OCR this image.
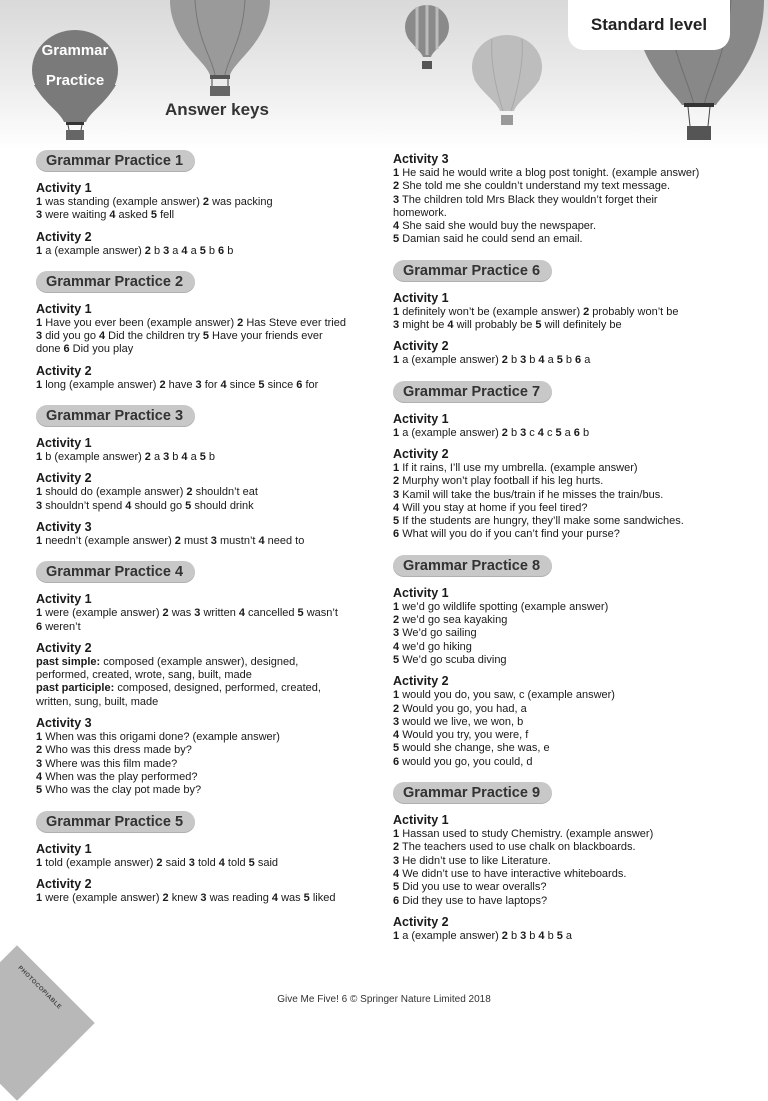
Grammar
Practice
Standard level
Answer keys
Grammar Practice 1
Activity 1
1 was standing (example answer) 2 was packing
3 were waiting 4 asked 5 fell
Activity 2
1 a (example answer) 2 b 3 a 4 a 5 b 6 b
Grammar Practice 2
Activity 1
1 Have you ever been (example answer) 2 Has Steve ever tried
3 did you go 4 Did the children try 5 Have your friends ever
done 6 Did you play
Activity 2
1 long (example answer) 2 have 3 for 4 since 5 since 6 for
Grammar Practice 3
Activity 1
1 b (example answer) 2 a 3 b 4 a 5 b
Activity 2
1 should do (example answer) 2 shouldn’t eat
3 shouldn’t spend 4 should go 5 should drink
Activity 3
1 needn’t (example answer) 2 must 3 mustn’t 4 need to
Grammar Practice 4
Activity 1
1 were (example answer) 2 was 3 written 4 cancelled 5 wasn’t
6 weren’t
Activity 2
past simple: composed (example answer), designed,
performed, created, wrote, sang, built, made
past participle: composed, designed, performed, created,
written, sung, built, made
Activity 3
1 When was this origami done? (example answer)
2 Who was this dress made by?
3 Where was this film made?
4 When was the play performed?
5 Who was the clay pot made by?
Grammar Practice 5
Activity 1
1 told (example answer) 2 said 3 told 4 told 5 said
Activity 2
1 were (example answer) 2 knew 3 was reading 4 was 5 liked
Activity 3
1 He said he would write a blog post tonight. (example answer)
2 She told me she couldn’t understand my text message.
3 The children told Mrs Black they wouldn’t forget their
homework.
4 She said she would buy the newspaper.
5 Damian said he could send an email.
Grammar Practice 6
Activity 1
1 definitely won’t be (example answer) 2 probably won’t be
3 might be 4 will probably be 5 will definitely be
Activity 2
1 a (example answer) 2 b 3 b 4 a 5 b 6 a
Grammar Practice 7
Activity 1
1 a (example answer) 2 b 3 c 4 c 5 a 6 b
Activity 2
1 If it rains, I’ll use my umbrella. (example answer)
2 Murphy won’t play football if his leg hurts.
3 Kamil will take the bus/train if he misses the train/bus.
4 Will you stay at home if you feel tired?
5 If the students are hungry, they’ll make some sandwiches.
6 What will you do if you can’t find your purse?
Grammar Practice 8
Activity 1
1 we’d go wildlife spotting (example answer)
2 we’d go sea kayaking
3 We’d go sailing
4 we’d go hiking
5 We’d go scuba diving
Activity 2
1 would you do, you saw, c (example answer)
2 Would you go, you had, a
3 would we live, we won, b
4 Would you try, you were, f
5 would she change, she was, e
6 would you go, you could, d
Grammar Practice 9
Activity 1
1 Hassan used to study Chemistry. (example answer)
2 The teachers used to use chalk on blackboards.
3 He didn’t use to like Literature.
4 We didn’t use to have interactive whiteboards.
5 Did you use to wear overalls?
6 Did they use to have laptops?
Activity 2
1 a (example answer) 2 b 3 b 4 b 5 a
PHOTOCOPIABLE	Give Me Five! 6 © Springer Nature Limited 2018
